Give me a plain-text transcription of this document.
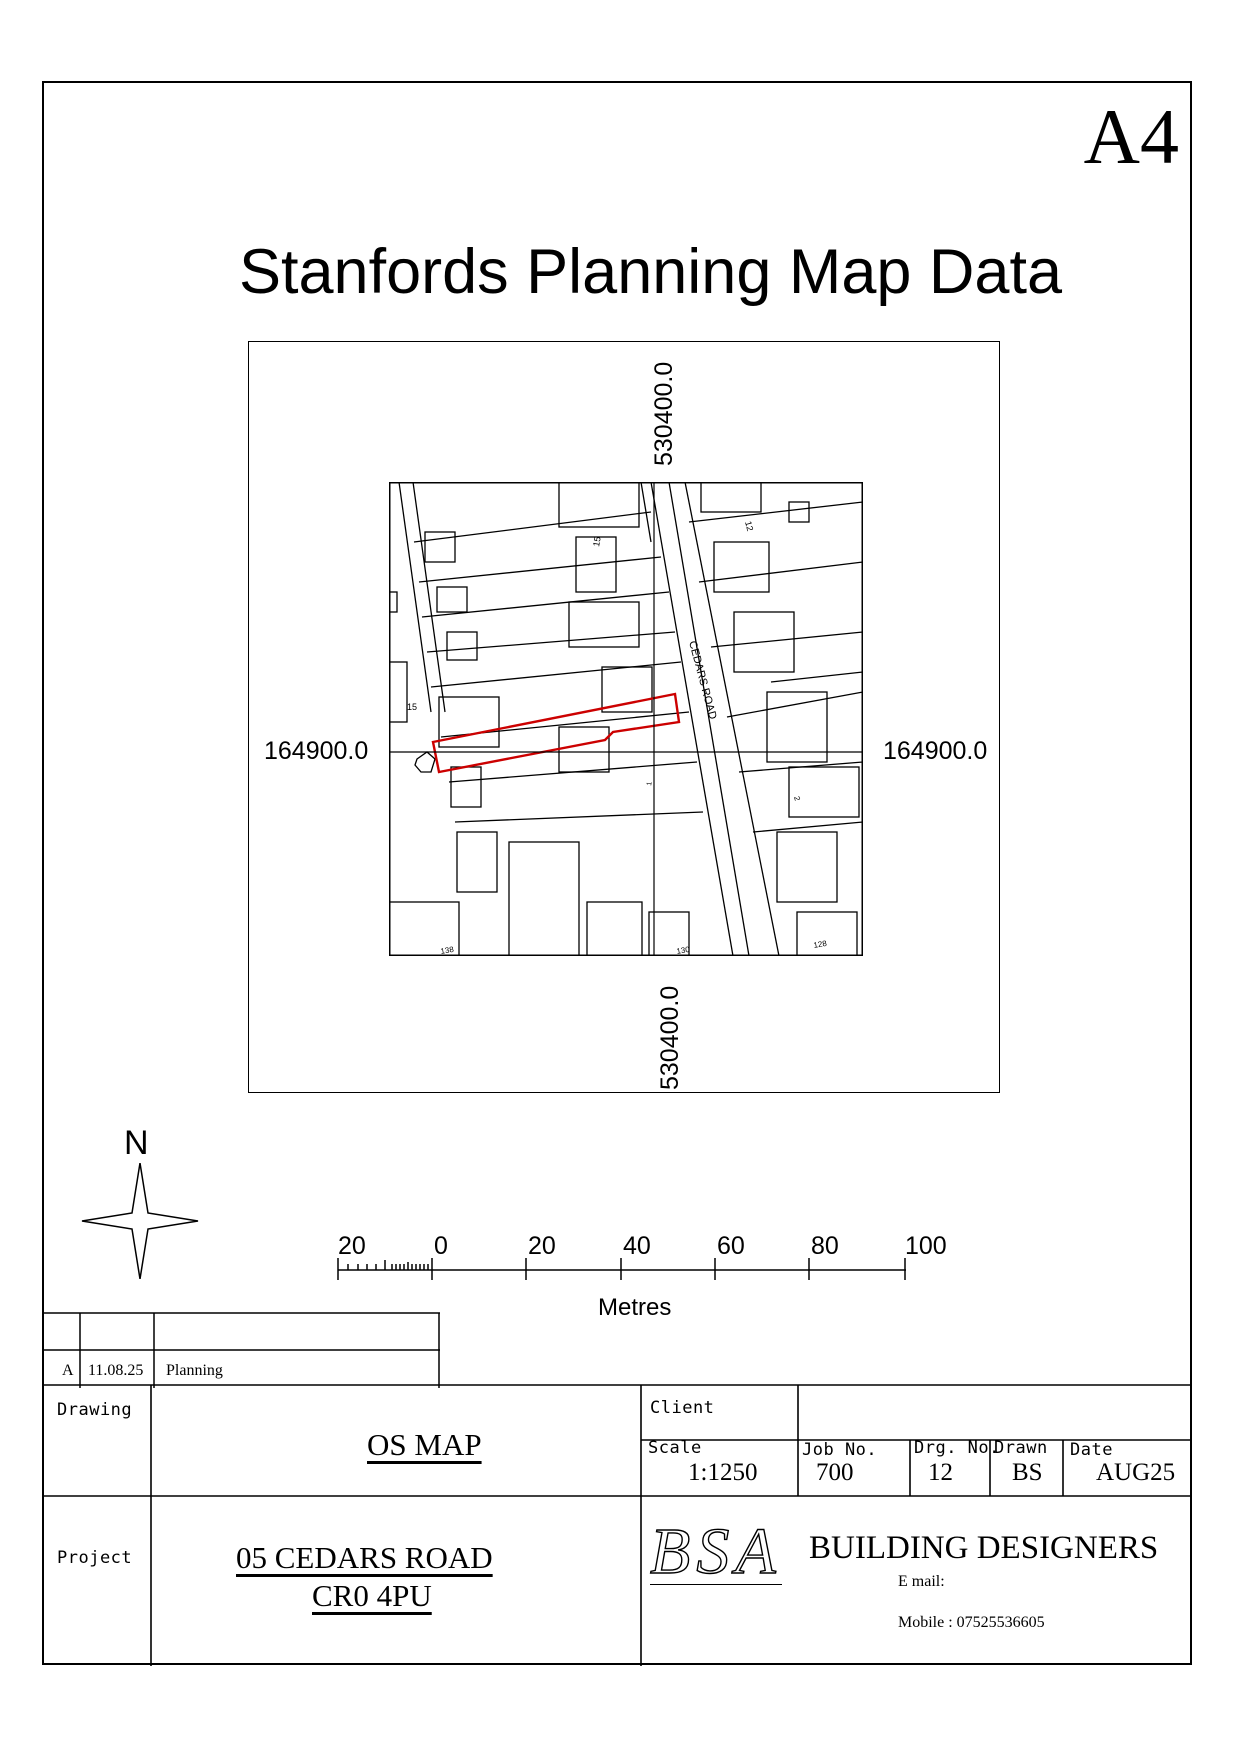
A4
Stanfords Planning Map Data
CEDARS ROAD
12
15
15
1
2
138	130
128
530400.0
530400.0
164900.0	164900.0
N
20	0	20	40	60	80	100
Metres
A 11.08.25 Planning
Drawing
OS MAP
Project	05 CEDARS ROAD
CR0 4PU
Client
Scale
1:1250
Job No.
700
Drg. No.
12
Drawn
BS
Date
AUG25
BSA BUILDING DESIGNERS
E mail:
Mobile : 07525536605
